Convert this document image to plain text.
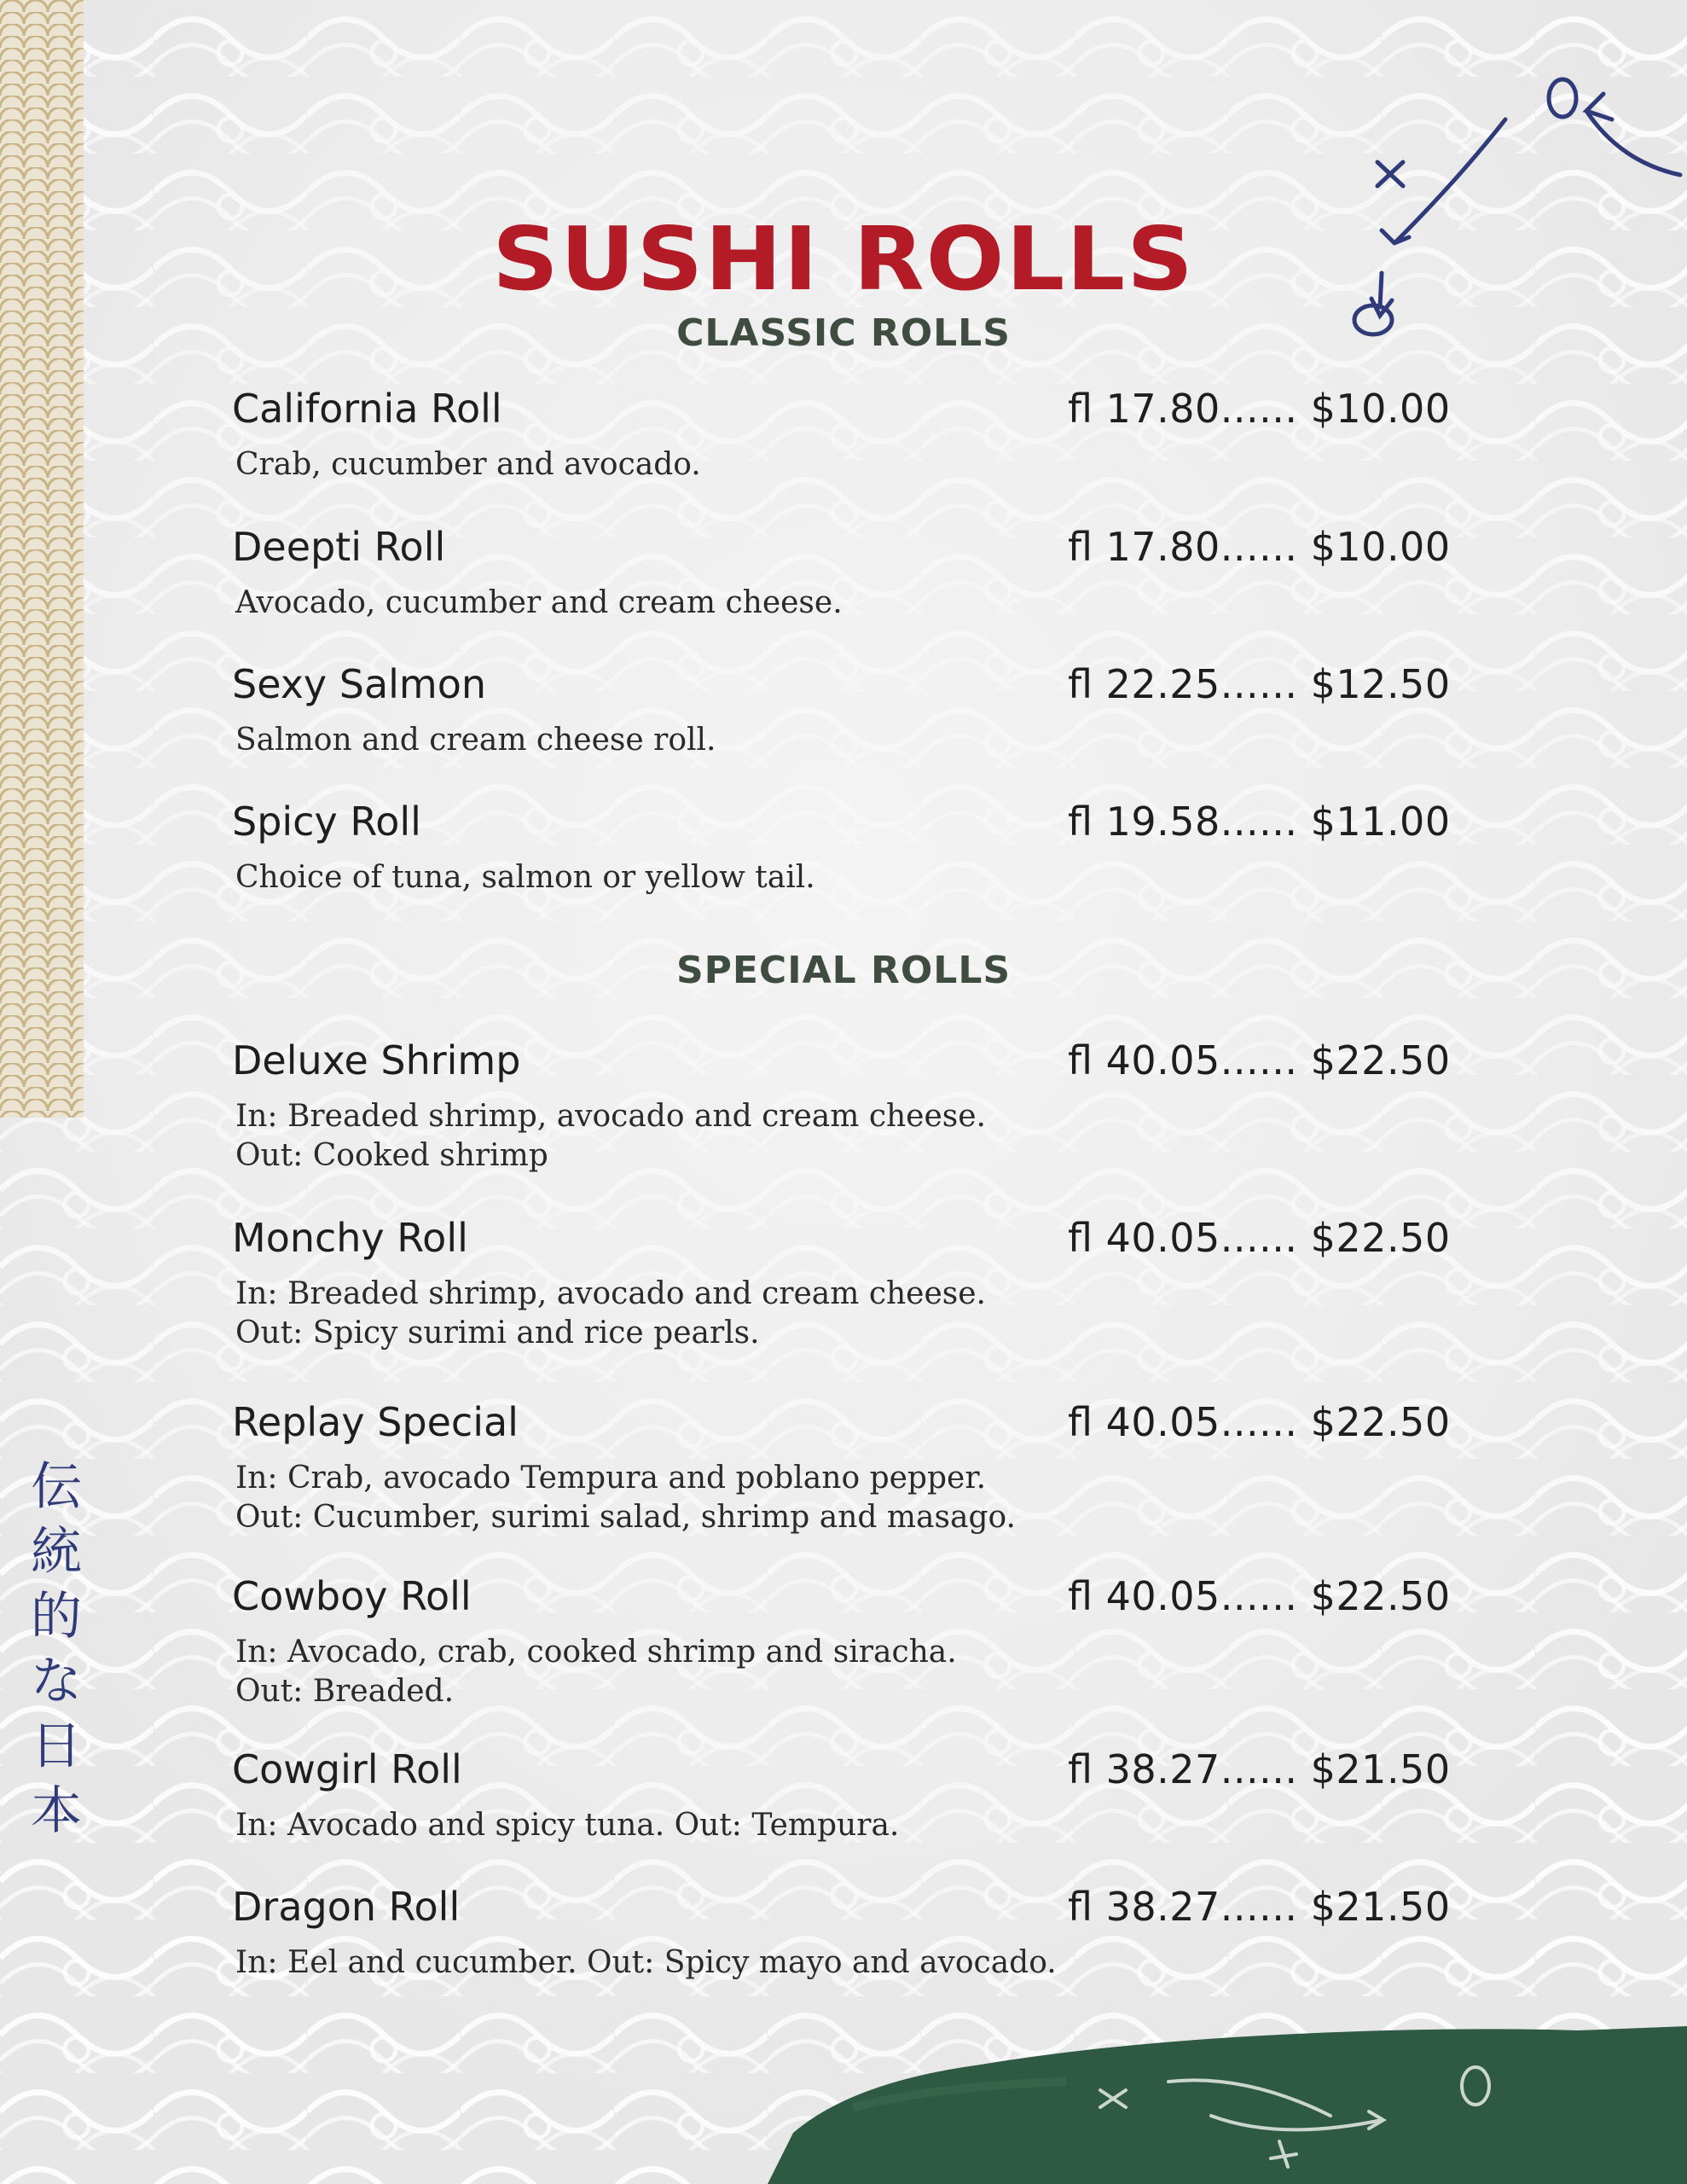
伝
統
的
な
日
本
SUSHI ROLLS
CLASSIC ROLLS
California Roll	ﬂ 17.80...... $10.00
Crab, cucumber and avocado.
Deepti Roll	ﬂ 17.80...... $10.00
Avocado, cucumber and cream cheese.
Sexy Salmon	ﬂ 22.25...... $12.50
Salmon and cream cheese roll.
Spicy Roll	ﬂ 19.58...... $11.00
Choice of tuna, salmon or yellow tail.
SPECIAL ROLLS
Deluxe Shrimp	ﬂ 40.05...... $22.50
In: Breaded shrimp, avocado and cream cheese.
Out: Cooked shrimp
Monchy Roll	ﬂ 40.05...... $22.50
In: Breaded shrimp, avocado and cream cheese.
Out: Spicy surimi and rice pearls.
Replay Special	ﬂ 40.05...... $22.50
In: Crab, avocado Tempura and poblano pepper.
Out: Cucumber, surimi salad, shrimp and masago.
Cowboy Roll	ﬂ 40.05...... $22.50
In: Avocado, crab, cooked shrimp and siracha.
Out: Breaded.
Cowgirl Roll	ﬂ 38.27...... $21.50
In: Avocado and spicy tuna. Out: Tempura.
Dragon Roll	ﬂ 38.27...... $21.50
In: Eel and cucumber. Out: Spicy mayo and avocado.
